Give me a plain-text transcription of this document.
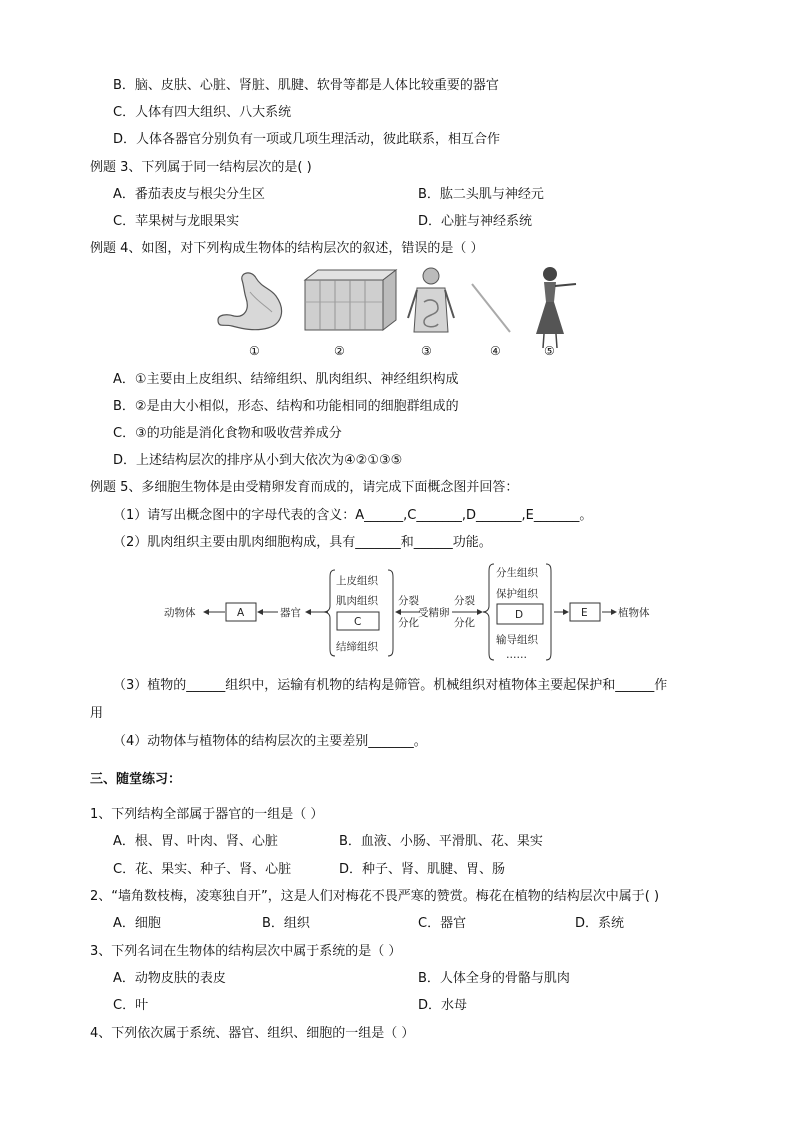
B．脑、皮肤、心脏、肾脏、肌腱、软骨等都是人体比较重要的器官
C．人体有四大组织、八大系统
D．人体各器官分别负有一项或几项生理活动，彼此联系，相互合作
例题 3、下列属于同一结构层次的是( )
A．番茄表皮与根尖分生区	B．肱二头肌与神经元
C．苹果树与龙眼果实	D．心脏与神经系统
例题 4、如图，对下列构成生物体的结构层次的叙述，错误的是（ ）
①	②	③	④	⑤
A．①主要由上皮组织、结缔组织、肌肉组织、神经组织构成
B．②是由大小相似，形态、结构和功能相同的细胞群组成的
C．③的功能是消化食物和吸收营养成分
D．上述结构层次的排序从小到大依次为④②①③⑤
例题 5、多细胞生物体是由受精卵发育而成的，请完成下面概念图并回答：
（1）请写出概念图中的字母代表的含义：A______,C_______,D_______,E_______。
（2）肌肉组织主要由肌肉细胞构成，具有_______和______功能。
动物体	A	器官
上皮组织
肌肉组织
C
结缔组织
分裂
分化
受精卵
分裂
分化
分生组织
保护组织
D
输导组织
……
E	植物体
（3）植物的______组织中，运输有机物的结构是筛管。机械组织对植物体主要起保护和______作
用
（4）动物体与植物体的结构层次的主要差别_______。
三、随堂练习：
1、下列结构全部属于器官的一组是（ ）
A．根、胃、叶肉、肾、心脏	B．血液、小肠、平滑肌、花、果实
C．花、果实、种子、肾、心脏	D．种子、肾、肌腱、胃、肠
2、“墙角数枝梅，凌寒独自开”，这是人们对梅花不畏严寒的赞赏。梅花在植物的结构层次中属于( )
A．细胞	B．组织	C．器官	D．系统
3、下列名词在生物体的结构层次中属于系统的是（ ）
A．动物皮肤的表皮	B．人体全身的骨骼与肌肉
C．叶	D．水母
4、下列依次属于系统、器官、组织、细胞的一组是（ ）
